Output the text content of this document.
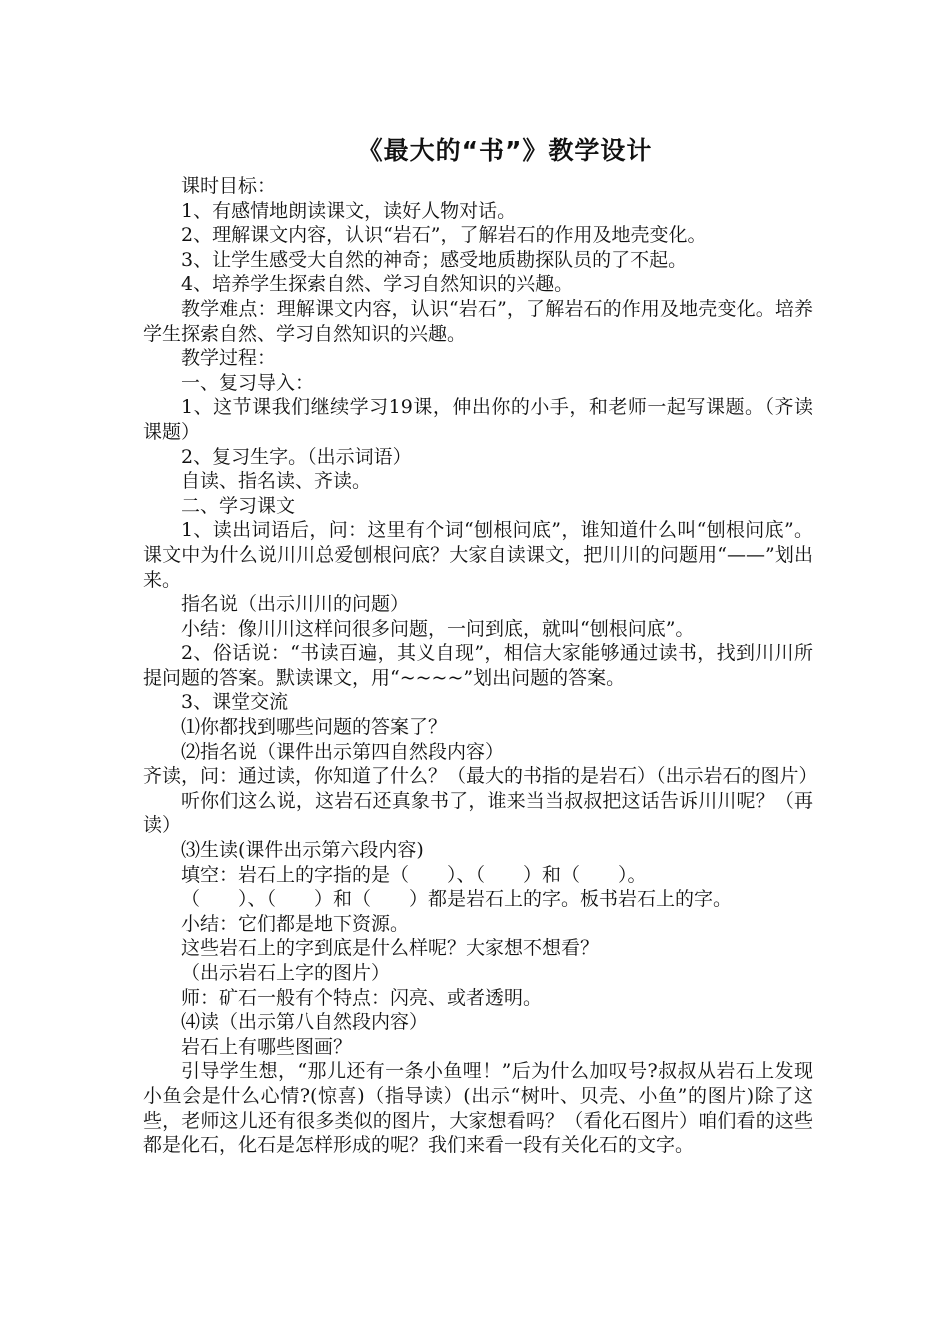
《最大的“书”》教学设计

课时目标：

1、有感情地朗读课文，读好人物对话。

2、理解课文内容，认识“岩石”，了解岩石的作用及地壳变化。

3、让学生感受大自然的神奇；感受地质勘探队员的了不起。

4、培养学生探索自然、学习自然知识的兴趣。

教学难点：理解课文内容，认识“岩石”，了解岩石的作用及地壳变化。培养学生探索自然、学习自然知识的兴趣。

教学过程：

一、复习导入：

1、这节课我们继续学习19课，伸出你的小手，和老师一起写课题。（齐读课题）

2、复习生字。（出示词语）

自读、指名读、齐读。

二、学习课文

1、读出词语后，问：这里有个词“刨根问底”，谁知道什么叫“刨根问底”。课文中为什么说川川总爱刨根问底？大家自读课文，把川川的问题用“——”划出来。

指名说（出示川川的问题）

小结：像川川这样问很多问题，一问到底，就叫“刨根问底”。

2、俗话说：“书读百遍，其义自现”，相信大家能够通过读书，找到川川所提问题的答案。默读课文，用“~~~~”划出问题的答案。

3、课堂交流

⑴你都找到哪些问题的答案了？

⑵指名说（课件出示第四自然段内容）

齐读，问：通过读，你知道了什么？（最大的书指的是岩石）（出示岩石的图片）

听你们这么说，这岩石还真象书了，谁来当当叔叔把这话告诉川川呢？（再读）

⑶生读(课件出示第六段内容)

填空：岩石上的字指的是（　　）、（　　）和（　　）。

（　　）、（　　）和（　　）都是岩石上的字。板书岩石上的字。

小结：它们都是地下资源。

这些岩石上的字到底是什么样呢？大家想不想看？

（出示岩石上字的图片）

师：矿石一般有个特点：闪亮、或者透明。

⑷读（出示第八自然段内容）

岩石上有哪些图画？

引导学生想，“那儿还有一条小鱼哩！”后为什么加叹号?叔叔从岩石上发现小鱼会是什么心情?(惊喜)（指导读）(出示“树叶、贝壳、小鱼”的图片)除了这些，老师这儿还有很多类似的图片，大家想看吗？（看化石图片）咱们看的这些都是化石，化石是怎样形成的呢？我们来看一段有关化石的文字。
